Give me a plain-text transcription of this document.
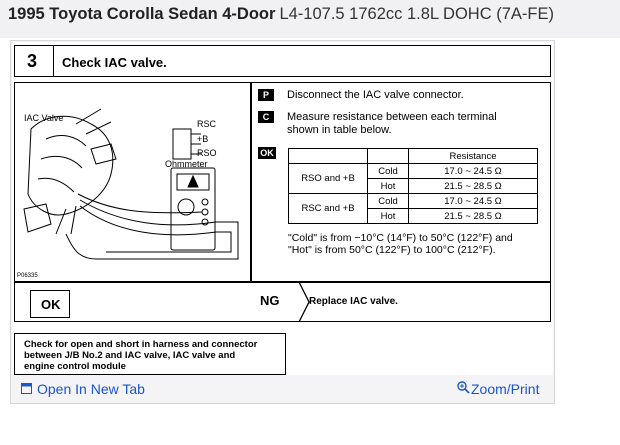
1995 Toyota Corolla Sedan 4-Door L4-107.5 1762cc 1.8L DOHC (7A-FE)
3 Check IAC valve.
IAC Valve
RSC
+B
RSO
Ohmmeter
P06335
P	Disconnect the IAC valve connector.
C	Measure resistance between each terminal
shown in table below.
OK
			Resistance
RSO and +B	Cold	17.0 ~ 24.5 Ω
	Hot	21.5 ~ 28.5 Ω
RSC and +B	Cold	17.0 ~ 24.5 Ω
	Hot	21.5 ~ 28.5 Ω
"Cold" is from −10°C (14°F) to 50°C (122°F) and
"Hot" is from 50°C (122°F) to 100°C (212°F).
OK	NG	Replace IAC valve.
Check for open and short in harness and connector
between J/B No.2 and IAC valve, IAC valve and
engine control module
Open In New Tab	Zoom/Print
